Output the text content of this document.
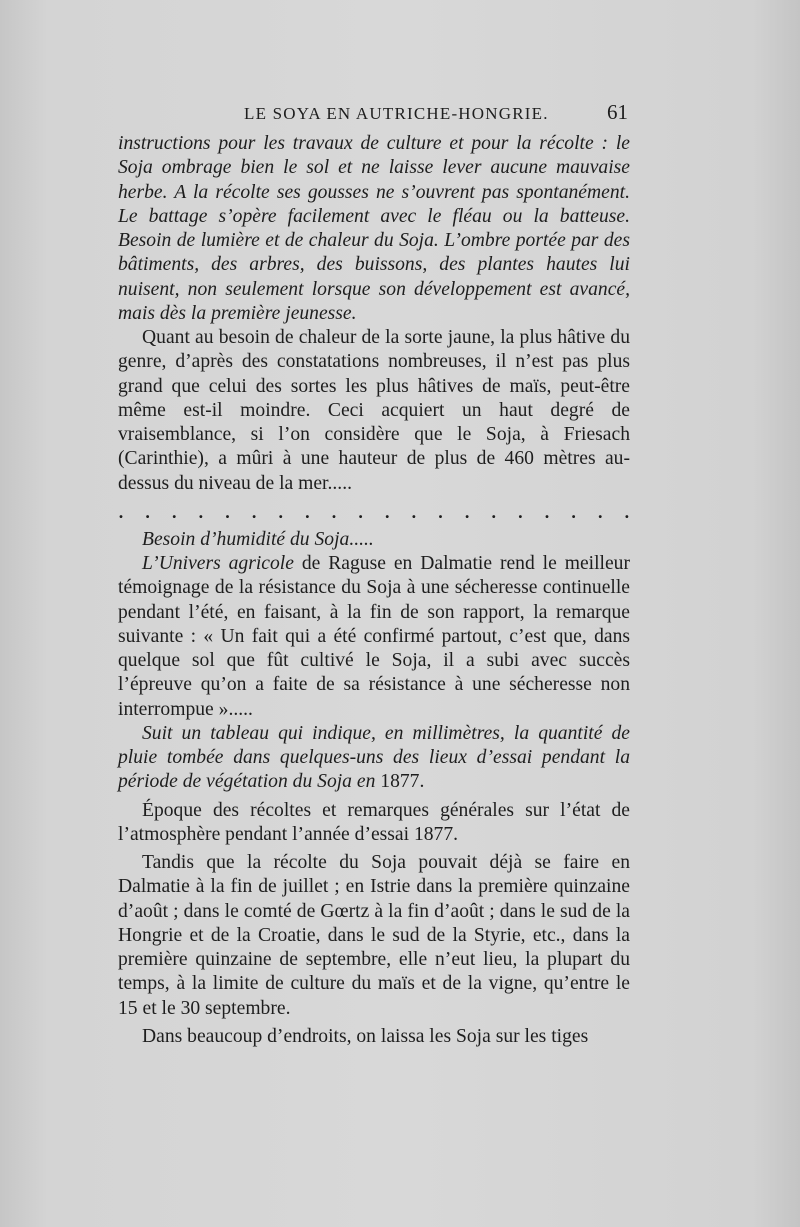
LE SOYA EN AUTRICHE-HONGRIE.	61

instructions pour les travaux de culture et pour la récolte : le Soja ombrage bien le sol et ne laisse lever aucune mauvaise herbe. A la récolte ses gousses ne s’ouvrent pas spontanément. Le battage s’opère facilement avec le fléau ou la batteuse. Besoin de lumière et de chaleur du Soja. L’ombre portée par des bâtiments, des arbres, des buissons, des plantes hautes lui nuisent, non seulement lorsque son développement est avancé, mais dès la première jeunesse.

Quant au besoin de chaleur de la sorte jaune, la plus hâtive du genre, d’après des constatations nombreuses, il n’est pas plus grand que celui des sortes les plus hâtives de maïs, peut-être même est-il moindre. Ceci acquiert un haut degré de vraisemblance, si l’on considère que le Soja, à Friesach (Carinthie), a mûri à une hauteur de plus de 460 mètres au-dessus du niveau de la mer.....

. . . . . . . . . . . . . . . . . . . .

Besoin d’humidité du Soja.....

L’Univers agricole de Raguse en Dalmatie rend le meilleur témoignage de la résistance du Soja à une sécheresse continuelle pendant l’été, en faisant, à la fin de son rapport, la remarque suivante : « Un fait qui a été confirmé partout, c’est que, dans quelque sol que fût cultivé le Soja, il a subi avec succès l’épreuve qu’on a faite de sa résistance à une sécheresse non interrompue ».....

Suit un tableau qui indique, en millimètres, la quantité de pluie tombée dans quelques-uns des lieux d’essai pendant la période de végétation du Soja en 1877.

Époque des récoltes et remarques générales sur l’état de l’atmosphère pendant l’année d’essai 1877.

Tandis que la récolte du Soja pouvait déjà se faire en Dalmatie à la fin de juillet ; en Istrie dans la première quinzaine d’août ; dans le comté de Gœrtz à la fin d’août ; dans le sud de la Hongrie et de la Croatie, dans le sud de la Styrie, etc., dans la première quinzaine de septembre, elle n’eut lieu, la plupart du temps, à la limite de culture du maïs et de la vigne, qu’entre le 15 et le 30 septembre.

Dans beaucoup d’endroits, on laissa les Soja sur les tiges
